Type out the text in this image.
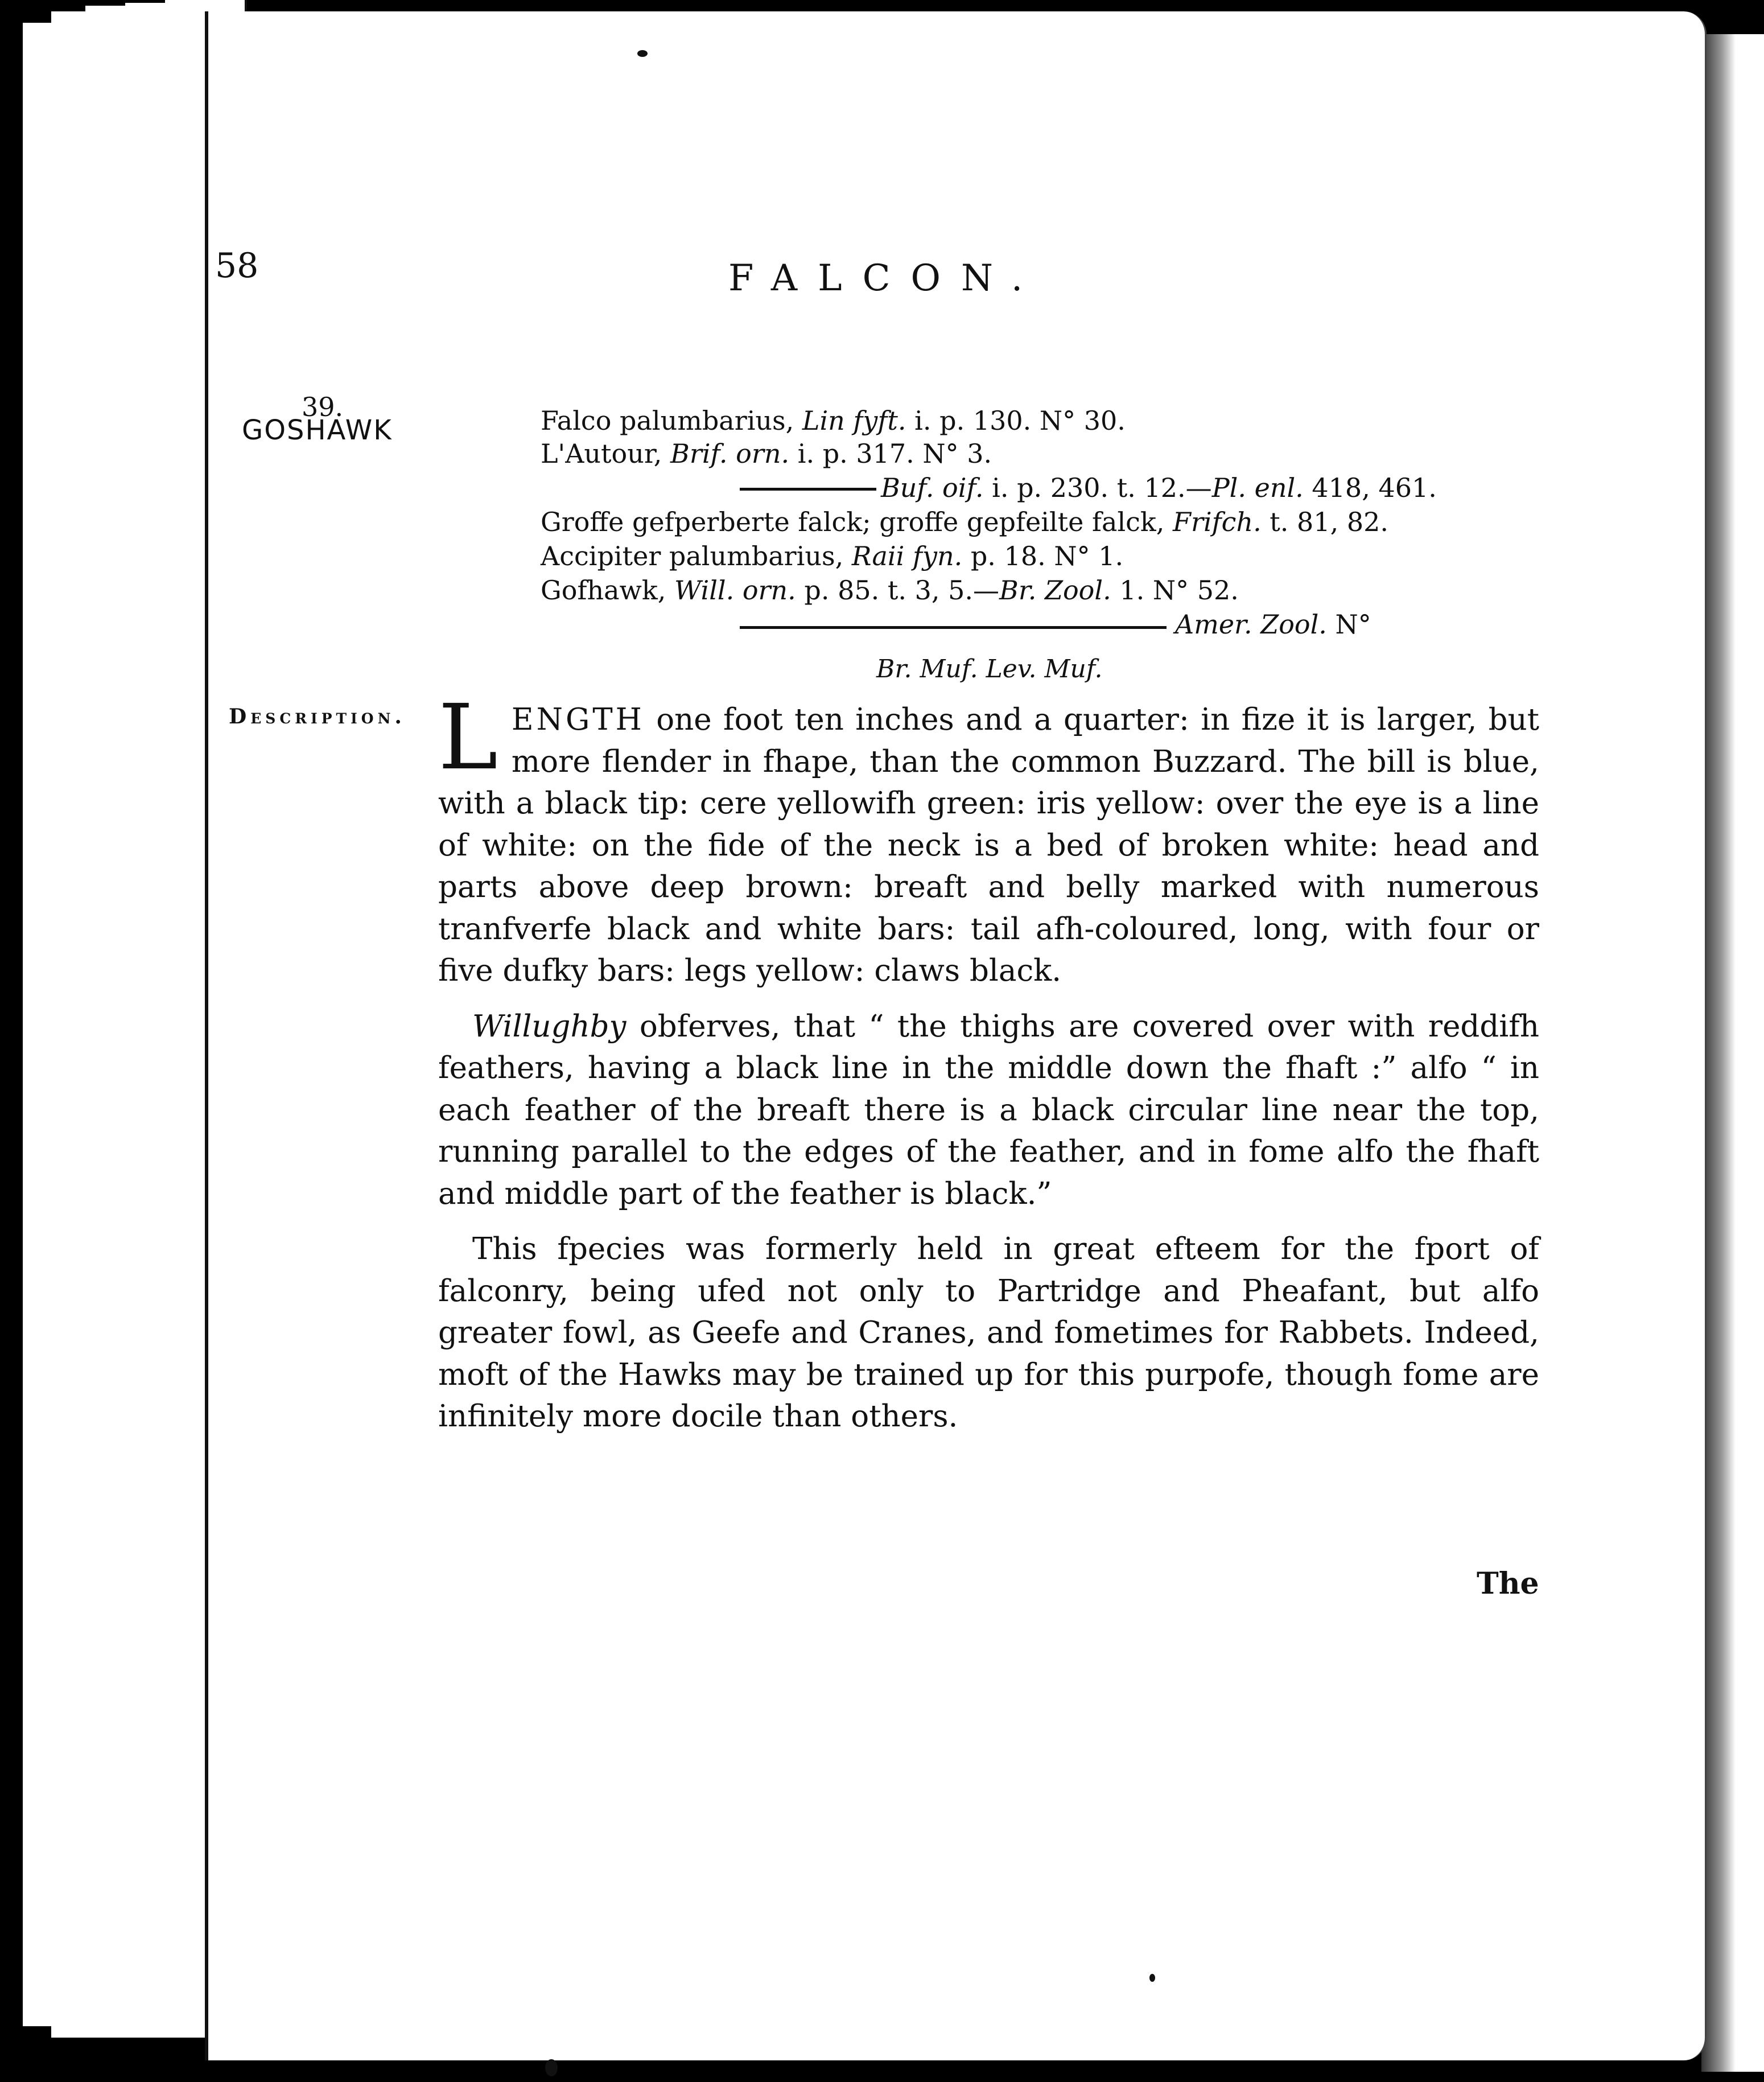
58	FALCON.
39.
GOSHAWK	Falco palumbarius, Lin fyft. i. p. 130. N° 30.
L'Autour, Brif. orn. i. p. 317. N° 3.
Buf. oif. i. p. 230. t. 12.—Pl. enl. 418, 461.
Groffe gefperberte falck; groffe gepfeilte falck, Frifch. t. 81, 82.
Accipiter palumbarius, Raii fyn. p. 18. N° 1.
Gofhawk, Will. orn. p. 85. t. 3, 5.—Br. Zool. 1. N° 52.
Amer. Zool. N°
Br. Muf. Lev. Muf.
Description. LENGTH one foot ten inches and a quarter: in fize it is larger, but more flender in fhape, than the common Buzzard. The bill is blue, with a black tip: cere yellowifh green: iris yellow: over the eye is a line of white: on the fide of the neck is a bed of broken white: head and parts above deep brown: breaft and belly marked with numerous tranfverfe black and white bars: tail afh-coloured, long, with four or five dufky bars: legs yellow: claws black.

Willughby obferves, that “ the thighs are covered over with reddifh feathers, having a black line in the middle down the fhaft :” alfo “ in each feather of the breaft there is a black circular line near the top, running parallel to the edges of the feather, and in fome alfo the fhaft and middle part of the feather is black.”

This fpecies was formerly held in great efteem for the fport of falconry, being ufed not only to Partridge and Pheafant, but alfo greater fowl, as Geefe and Cranes, and fometimes for Rabbets. Indeed, moft of the Hawks may be trained up for this purpofe, though fome are infinitely more docile than others.

The
